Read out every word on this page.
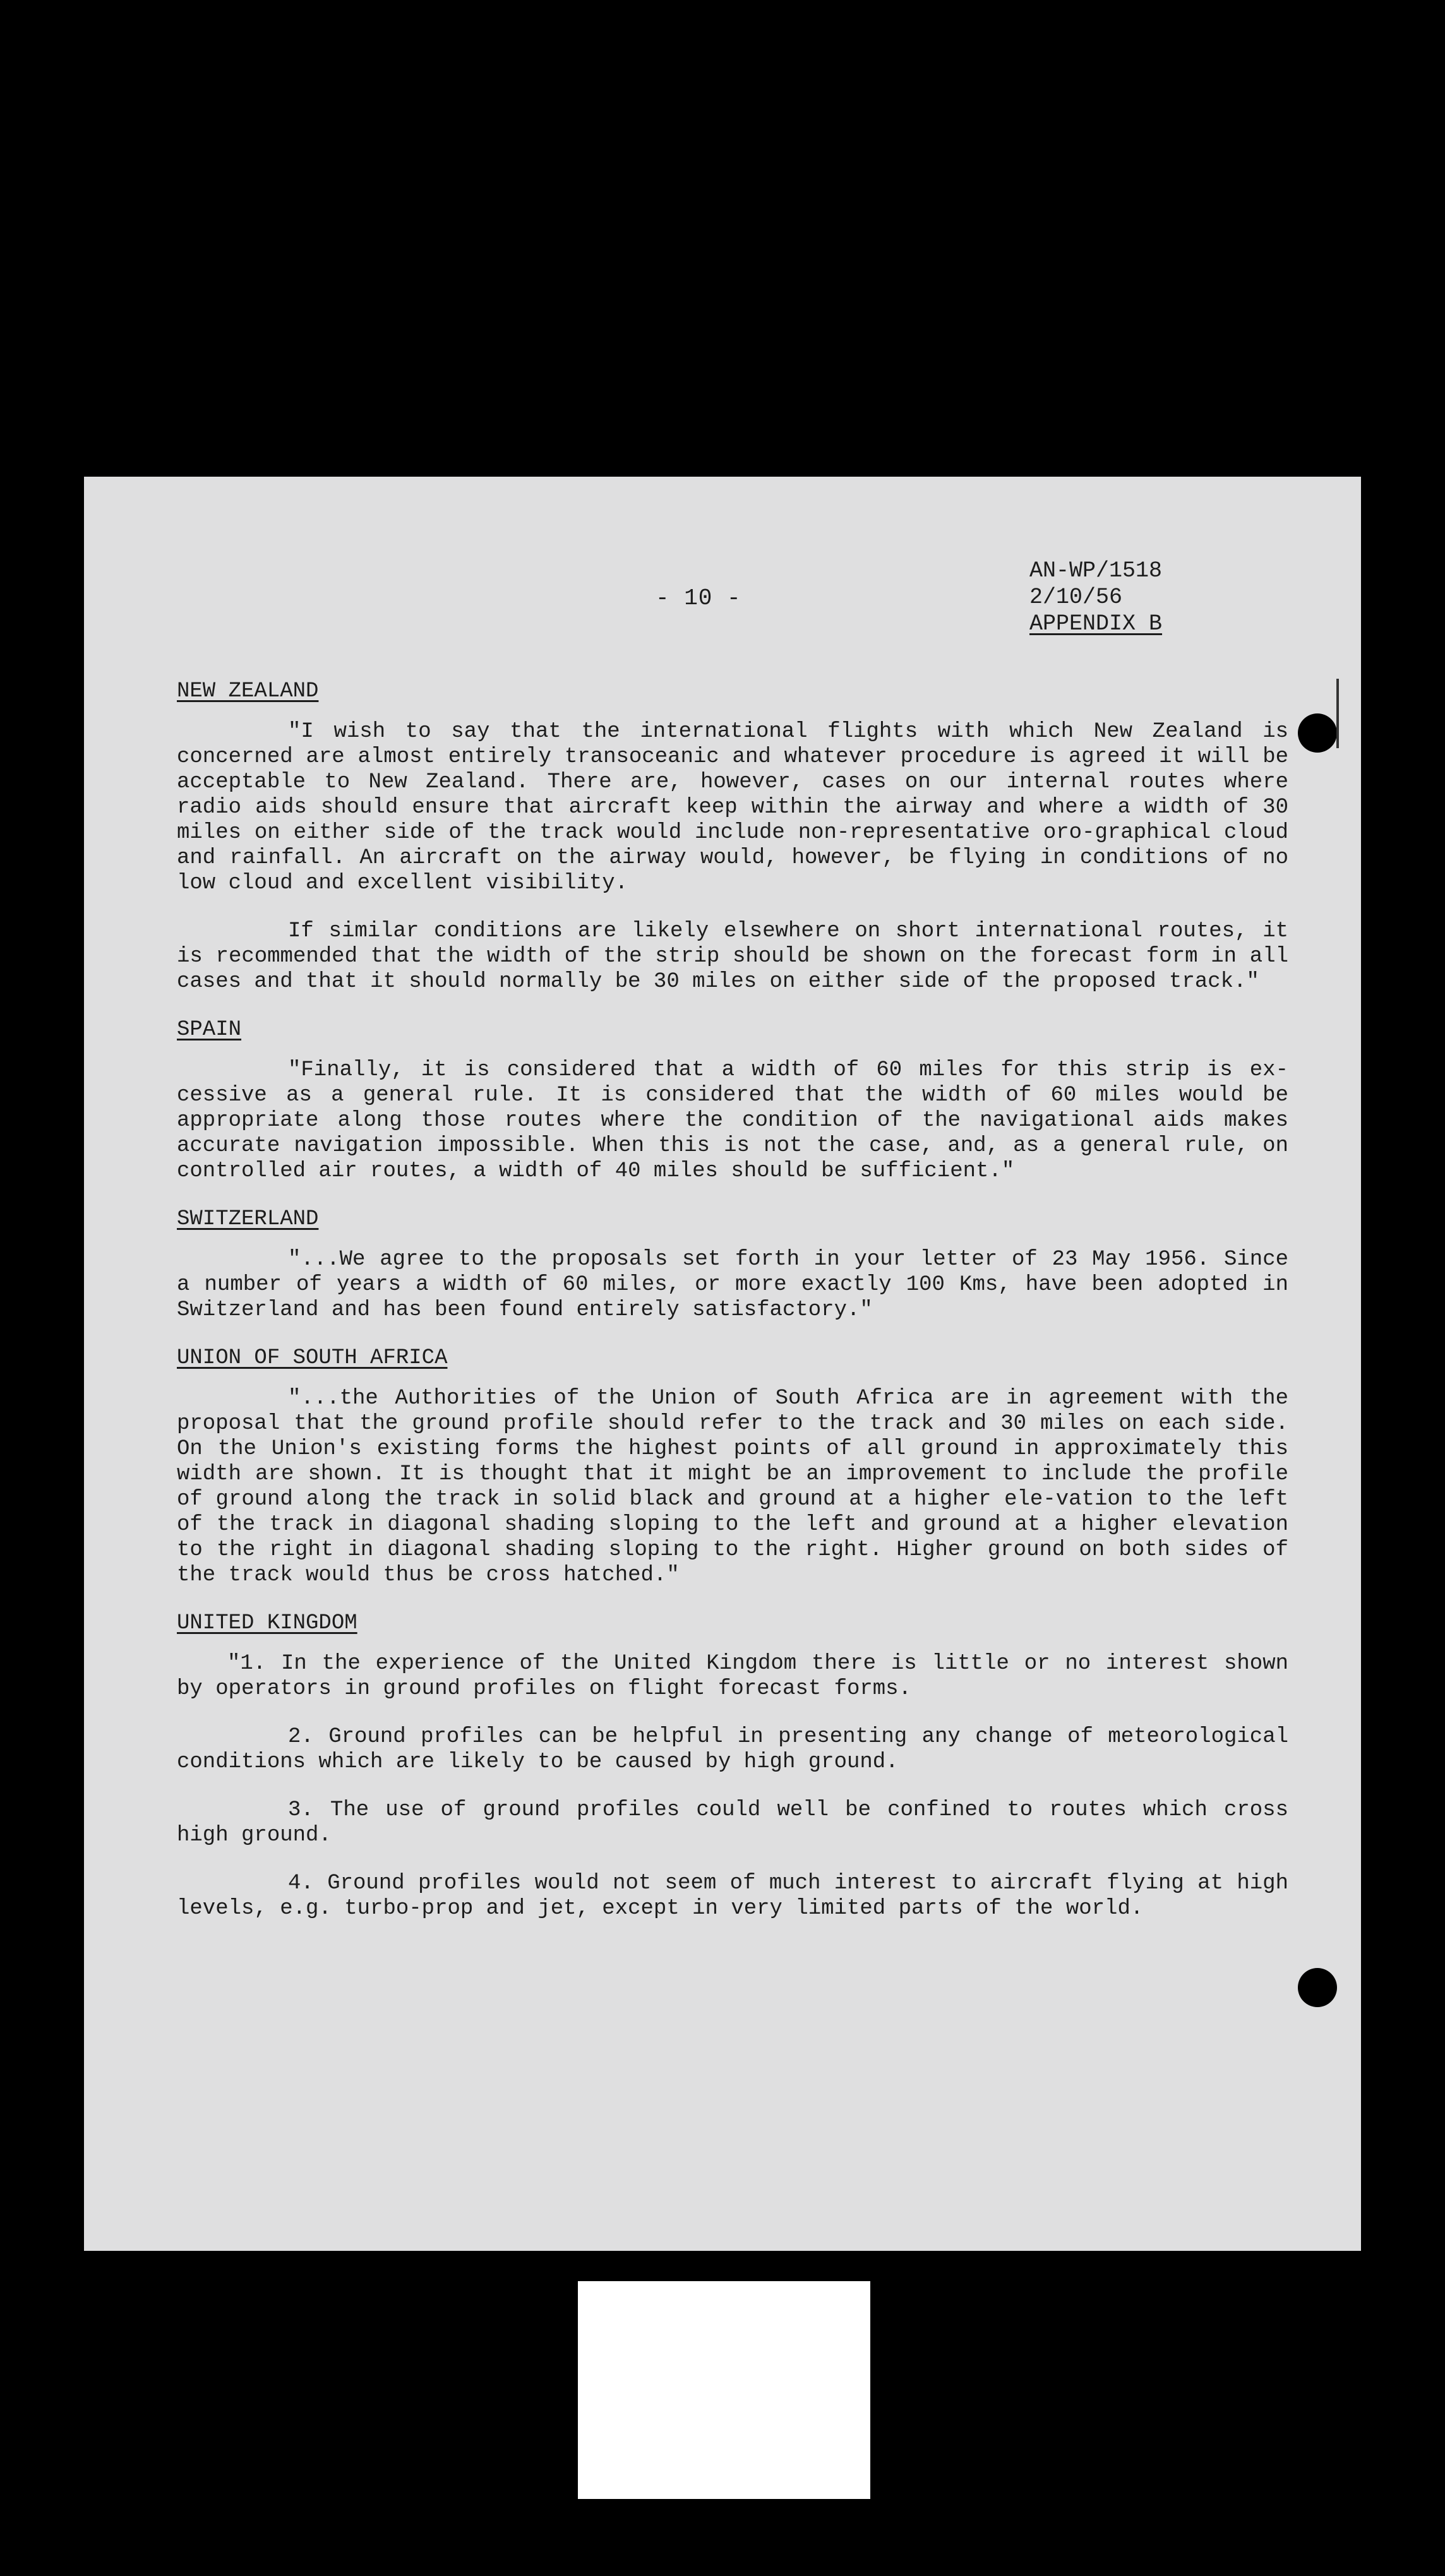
- 10 -
AN-WP/1518
2/10/56
APPENDIX B
NEW ZEALAND

"I wish to say that the international flights with which New Zealand is concerned are almost entirely transoceanic and whatever procedure is agreed it will be acceptable to New Zealand. There are, however, cases on our internal routes where radio aids should ensure that aircraft keep within the airway and where a width of 30 miles on either side of the track would include non-representative oro-graphical cloud and rainfall. An aircraft on the airway would, however, be flying in conditions of no low cloud and excellent visibility.

If similar conditions are likely elsewhere on short international routes, it is recommended that the width of the strip should be shown on the forecast form in all cases and that it should normally be 30 miles on either side of the proposed track."

SPAIN

"Finally, it is considered that a width of 60 miles for this strip is ex-cessive as a general rule. It is considered that the width of 60 miles would be appropriate along those routes where the condition of the navigational aids makes accurate navigation impossible. When this is not the case, and, as a general rule, on controlled air routes, a width of 40 miles should be sufficient."

SWITZERLAND

"...We agree to the proposals set forth in your letter of 23 May 1956. Since a number of years a width of 60 miles, or more exactly 100 Kms, have been adopted in Switzerland and has been found entirely satisfactory."

UNION OF SOUTH AFRICA

"...the Authorities of the Union of South Africa are in agreement with the proposal that the ground profile should refer to the track and 30 miles on each side. On the Union's existing forms the highest points of all ground in approximately this width are shown. It is thought that it might be an improvement to include the profile of ground along the track in solid black and ground at a higher ele-vation to the left of the track in diagonal shading sloping to the left and ground at a higher elevation to the right in diagonal shading sloping to the right. Higher ground on both sides of the track would thus be cross hatched."

UNITED KINGDOM

"1. In the experience of the United Kingdom there is little or no interest shown by operators in ground profiles on flight forecast forms.

2. Ground profiles can be helpful in presenting any change of meteorological conditions which are likely to be caused by high ground.

3. The use of ground profiles could well be confined to routes which cross high ground.

4. Ground profiles would not seem of much interest to aircraft flying at high levels, e.g. turbo-prop and jet, except in very limited parts of the world.
